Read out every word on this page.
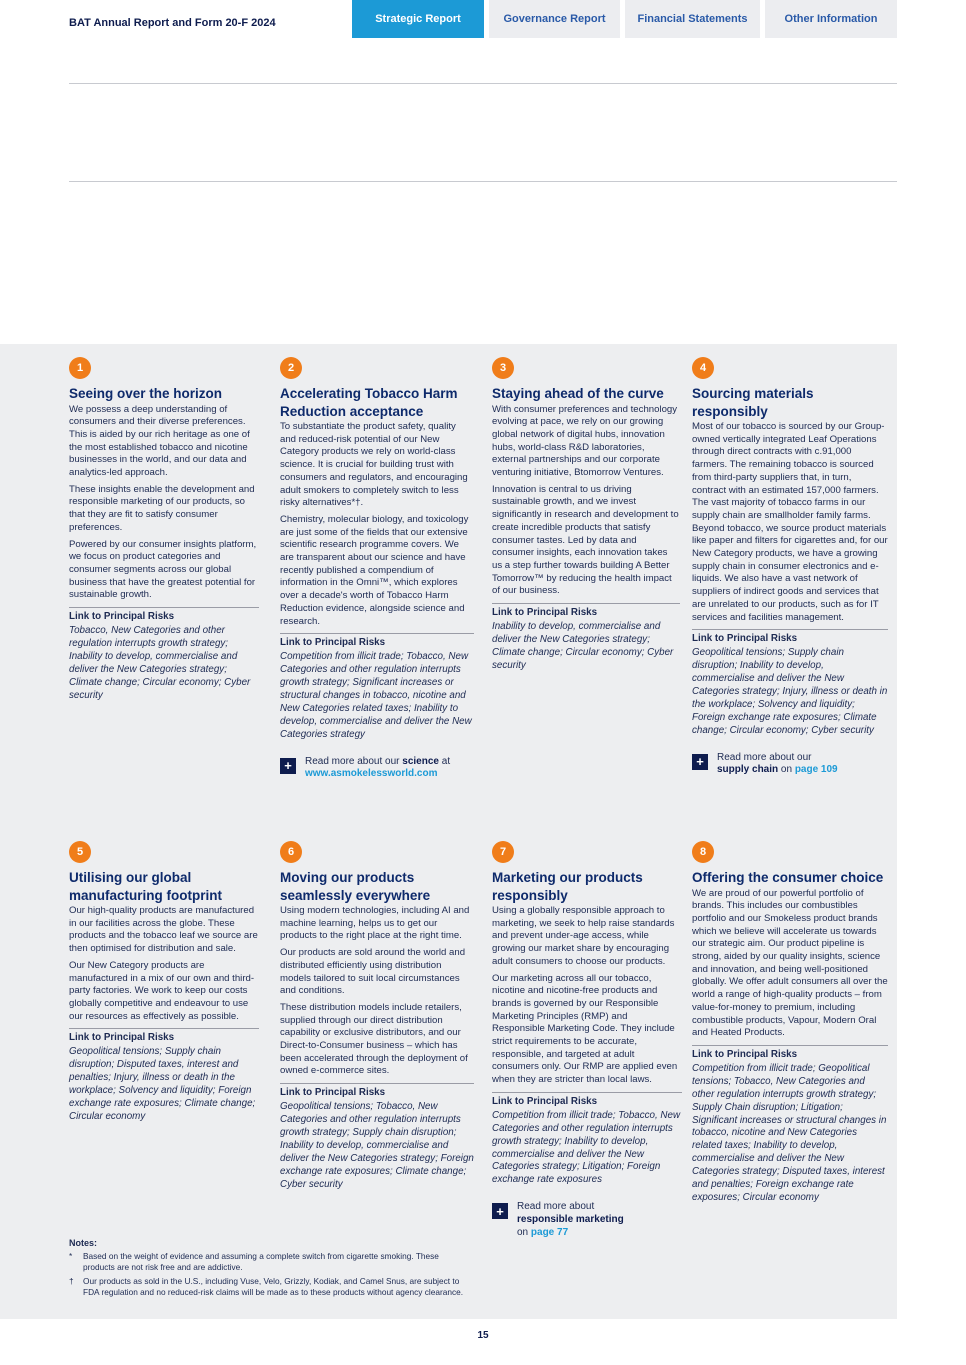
BAT Annual Report and Form 20-F 2024	Strategic Report	Governance Report	Financial Statements	Other Information
1
Seeing over the horizon
We possess a deep understanding of consumers and their diverse preferences. This is aided by our rich heritage as one of the most established tobacco and nicotine businesses in the world, and our data and analytics-led approach.
These insights enable the development and responsible marketing of our products, so that they are fit to satisfy consumer preferences.
Powered by our consumer insights platform, we focus on product categories and consumer segments across our global business that have the greatest potential for sustainable growth.
Link to Principal Risks
Tobacco, New Categories and other regulation interrupts growth strategy; Inability to develop, commercialise and deliver the New Categories strategy; Climate change; Circular economy; Cyber security
2
Accelerating Tobacco Harm Reduction acceptance
To substantiate the product safety, quality and reduced-risk potential of our New Category products we rely on world-class science. It is crucial for building trust with consumers and regulators, and encouraging adult smokers to completely switch to less risky alternatives*†.
Chemistry, molecular biology, and toxicology are just some of the fields that our extensive scientific research programme covers. We are transparent about our science and have recently published a compendium of information in the Omni™, which explores over a decade's worth of Tobacco Harm Reduction evidence, alongside science and research.
Link to Principal Risks
Competition from illicit trade; Tobacco, New Categories and other regulation interrupts growth strategy; Significant increases or structural changes in tobacco, nicotine and New Categories related taxes; Inability to develop, commercialise and deliver the New Categories strategy
+	Read more about our science at
www.asmokelessworld.com
3
Staying ahead of the curve
With consumer preferences and technology evolving at pace, we rely on our growing global network of digital hubs, innovation hubs, world-class R&D laboratories, external partnerships and our corporate venturing initiative, Btomorrow Ventures.
Innovation is central to us driving sustainable growth, and we invest significantly in research and development to create incredible products that satisfy consumer tastes. Led by data and consumer insights, each innovation takes us a step further towards building A Better Tomorrow™ by reducing the health impact of our business.
Link to Principal Risks
Inability to develop, commercialise and deliver the New Categories strategy; Climate change; Circular economy; Cyber security
4
Sourcing materials responsibly
Most of our tobacco is sourced by our Group-owned vertically integrated Leaf Operations through direct contracts with c.91,000 farmers. The remaining tobacco is sourced from third-party suppliers that, in turn, contract with an estimated 157,000 farmers. The vast majority of tobacco farms in our supply chain are smallholder family farms. Beyond tobacco, we source product materials like paper and filters for cigarettes and, for our New Category products, we have a growing supply chain in consumer electronics and e-liquids. We also have a vast network of suppliers of indirect goods and services that are unrelated to our products, such as for IT services and facilities management.
Link to Principal Risks
Geopolitical tensions; Supply chain disruption; Inability to develop, commercialise and deliver the New Categories strategy; Injury, illness or death in the workplace; Solvency and liquidity; Foreign exchange rate exposures; Climate change; Circular economy; Cyber security
+	Read more about our
supply chain on page 109
5
Utilising our global manufacturing footprint
Our high-quality products are manufactured in our facilities across the globe. These products and the tobacco leaf we source are then optimised for distribution and sale.
Our New Category products are manufactured in a mix of our own and third-party factories. We work to keep our costs globally competitive and endeavour to use our resources as effectively as possible.
Link to Principal Risks
Geopolitical tensions; Supply chain disruption; Disputed taxes, interest and penalties; Injury, illness or death in the workplace; Solvency and liquidity; Foreign exchange rate exposures; Climate change; Circular economy
6
Moving our products seamlessly everywhere
Using modern technologies, including AI and machine learning, helps us to get our products to the right place at the right time.
Our products are sold around the world and distributed efficiently using distribution models tailored to suit local circumstances and conditions.
These distribution models include retailers, supplied through our direct distribution capability or exclusive distributors, and our Direct-to-Consumer business – which has been accelerated through the deployment of owned e-commerce sites.
Link to Principal Risks
Geopolitical tensions; Tobacco, New Categories and other regulation interrupts growth strategy; Supply chain disruption; Inability to develop, commercialise and deliver the New Categories strategy; Foreign exchange rate exposures; Climate change; Cyber security
7
Marketing our products responsibly
Using a globally responsible approach to marketing, we seek to help raise standards and prevent under-age access, while growing our market share by encouraging adult consumers to choose our products.
Our marketing across all our tobacco, nicotine and nicotine-free products and brands is governed by our Responsible Marketing Principles (RMP) and Responsible Marketing Code. They include strict requirements to be accurate, responsible, and targeted at adult consumers only. Our RMP are applied even when they are stricter than local laws.
Link to Principal Risks
Competition from illicit trade; Tobacco, New Categories and other regulation interrupts growth strategy; Inability to develop, commercialise and deliver the New Categories strategy; Litigation; Foreign exchange rate exposures
+	Read more about
responsible marketing
on page 77
8
Offering the consumer choice
We are proud of our powerful portfolio of brands. This includes our combustibles portfolio and our Smokeless product brands which we believe will accelerate us towards our strategic aim. Our product pipeline is strong, aided by our quality insights, science and innovation, and being well-positioned globally. We offer adult consumers all over the world a range of high-quality products – from value-for-money to premium, including combustible products, Vapour, Modern Oral and Heated Products.
Link to Principal Risks
Competition from illicit trade; Geopolitical tensions; Tobacco, New Categories and other regulation interrupts growth strategy; Supply Chain disruption; Litigation; Significant increases or structural changes in tobacco, nicotine and New Categories related taxes; Inability to develop, commercialise and deliver the New Categories strategy; Disputed taxes, interest and penalties; Foreign exchange rate exposures; Circular economy
Notes:
*	Based on the weight of evidence and assuming a complete switch from cigarette smoking. These products are not risk free and are addictive.
†	Our products as sold in the U.S., including Vuse, Velo, Grizzly, Kodiak, and Camel Snus, are subject to FDA regulation and no reduced-risk claims will be made as to these products without agency clearance.
15
